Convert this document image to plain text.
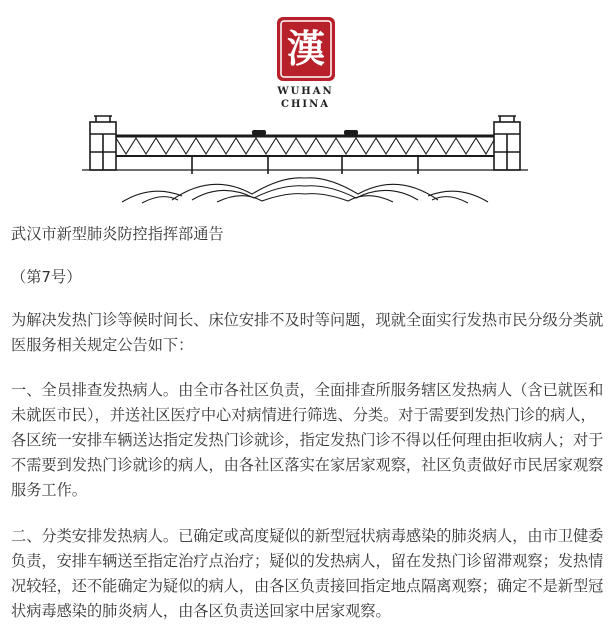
漢
WUHAN
CHINA

武汉市新型肺炎防控指挥部通告

（第7号）

为解决发热门诊等候时间长、床位安排不及时等问题，现就全面实行发热市民分级分类就医服务相关规定公告如下：

一、全员排查发热病人。由全市各社区负责，全面排查所服务辖区发热病人（含已就医和未就医市民），并送社区医疗中心对病情进行筛选、分类。对于需要到发热门诊的病人，各区统一安排车辆送达指定发热门诊就诊，指定发热门诊不得以任何理由拒收病人；对于不需要到发热门诊就诊的病人，由各社区落实在家居家观察，社区负责做好市民居家观察服务工作。

二、分类安排发热病人。已确定或高度疑似的新型冠状病毒感染的肺炎病人，由市卫健委负责，安排车辆送至指定治疗点治疗；疑似的发热病人，留在发热门诊留滞观察；发热情况较轻，还不能确定为疑似的病人，由各区负责接回指定地点隔离观察；确定不是新型冠状病毒感染的肺炎病人，由各区负责送回家中居家观察。
